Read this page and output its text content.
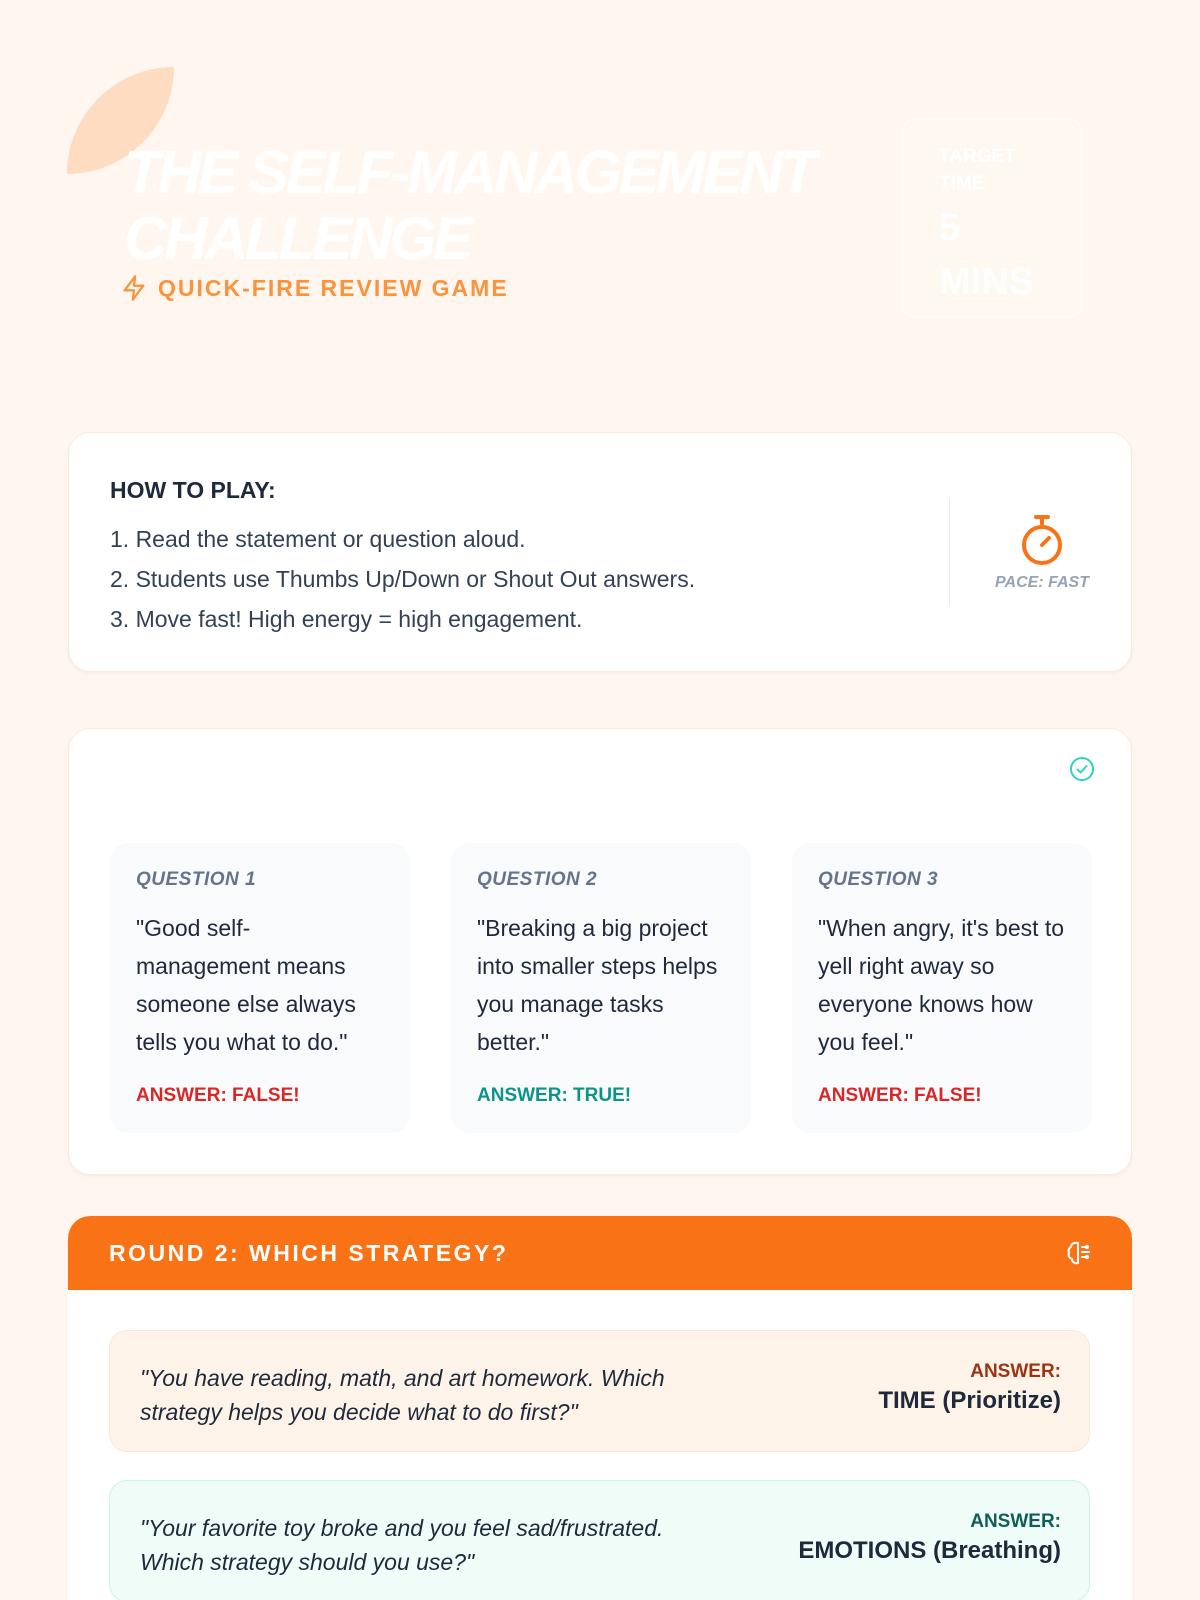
THE SELF-MANAGEMENT CHALLENGE
QUICK-FIRE REVIEW GAME
TARGET TIME
5 MINS
HOW TO PLAY:
1. Read the statement or question aloud.
2. Students use Thumbs Up/Down or Shout Out answers.
3. Move fast! High energy = high engagement.
PACE: FAST
QUESTION 1
"Good self-management means someone else always tells you what to do."
ANSWER: FALSE!
QUESTION 2
"Breaking a big project into smaller steps helps you manage tasks better."
ANSWER: TRUE!
QUESTION 3
"When angry, it's best to yell right away so everyone knows how you feel."
ANSWER: FALSE!
ROUND 2: WHICH STRATEGY?
"You have reading, math, and art homework. Which strategy helps you decide what to do first?"
ANSWER:
TIME (Prioritize)
"Your favorite toy broke and you feel sad/frustrated. Which strategy should you use?"
ANSWER:
EMOTIONS (Breathing)
